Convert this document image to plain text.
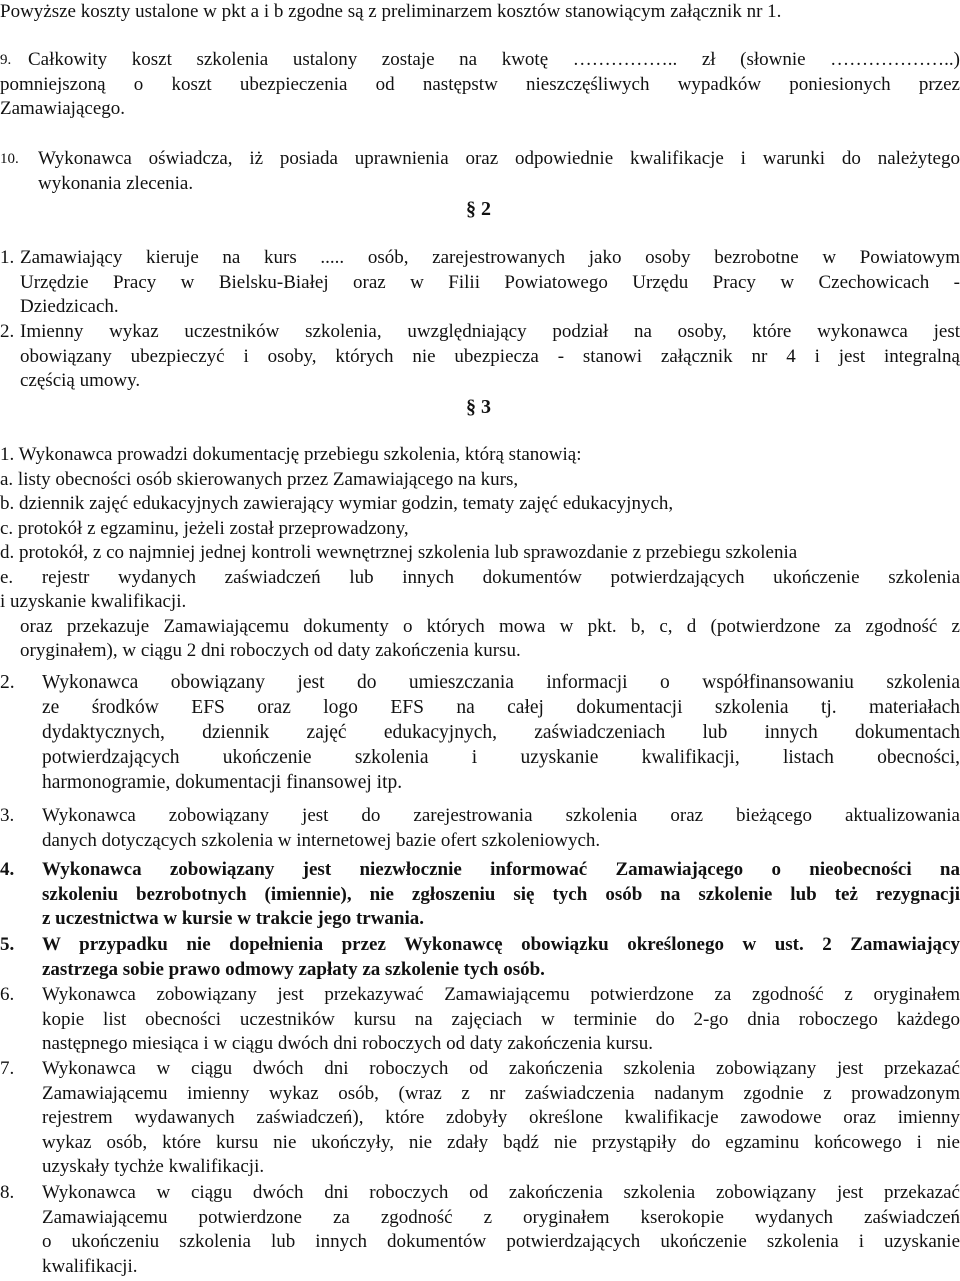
Powyższe koszty ustalone w pkt a i b zgodne są z preliminarzem kosztów stanowiącym załącznik nr 1.
9. Całkowity koszt szkolenia ustalony zostaje na kwotę …………….. zł (słownie ………………..)
pomniejszoną o koszt ubezpieczenia od następstw nieszczęśliwych wypadków poniesionych przez
Zamawiającego.
10. Wykonawca oświadcza, iż posiada uprawnienia oraz odpowiednie kwalifikacje i warunki do należytego
wykonania zlecenia.
§ 2
1. Zamawiający kieruje na kurs ..... osób, zarejestrowanych jako osoby bezrobotne w Powiatowym
Urzędzie Pracy w Bielsku-Białej oraz w Filii Powiatowego Urzędu Pracy w Czechowicach -
Dziedzicach.
2. Imienny wykaz uczestników szkolenia, uwzględniający podział na osoby, które wykonawca jest
obowiązany ubezpieczyć i osoby, których nie ubezpiecza - stanowi załącznik nr 4 i jest integralną
częścią umowy.
§ 3
1. Wykonawca prowadzi dokumentację przebiegu szkolenia, którą stanowią:
a. listy obecności osób skierowanych przez Zamawiającego na kurs,
b. dziennik zajęć edukacyjnych zawierający wymiar godzin, tematy zajęć edukacyjnych,
c. protokół z egzaminu, jeżeli został przeprowadzony,
d. protokół, z co najmniej jednej kontroli wewnętrznej szkolenia lub sprawozdanie z przebiegu szkolenia
e. rejestr wydanych zaświadczeń lub innych dokumentów potwierdzających ukończenie szkolenia
i uzyskanie kwalifikacji.
oraz przekazuje Zamawiającemu dokumenty o których mowa w pkt. b, c, d (potwierdzone za zgodność z
oryginałem), w ciągu 2 dni roboczych od daty zakończenia kursu.
2. Wykonawca obowiązany jest do umieszczania informacji o współfinansowaniu szkolenia
ze środków EFS oraz logo EFS na całej dokumentacji szkolenia tj. materiałach
dydaktycznych, dziennik zajęć edukacyjnych, zaświadczeniach lub innych dokumentach
potwierdzających ukończenie szkolenia i uzyskanie kwalifikacji, listach obecności,
harmonogramie, dokumentacji finansowej itp.
3. Wykonawca zobowiązany jest do zarejestrowania szkolenia oraz bieżącego aktualizowania
danych dotyczących szkolenia w internetowej bazie ofert szkoleniowych.
4. Wykonawca zobowiązany jest niezwłocznie informować Zamawiającego o nieobecności na
szkoleniu bezrobotnych (imiennie), nie zgłoszeniu się tych osób na szkolenie lub też rezygnacji
z uczestnictwa w kursie w trakcie jego trwania.
5. W przypadku nie dopełnienia przez Wykonawcę obowiązku określonego w ust. 2 Zamawiający
zastrzega sobie prawo odmowy zapłaty za szkolenie tych osób.
6. Wykonawca zobowiązany jest przekazywać Zamawiającemu potwierdzone za zgodność z oryginałem
kopie list obecności uczestników kursu na zajęciach w terminie do 2-go dnia roboczego każdego
następnego miesiąca i w ciągu dwóch dni roboczych od daty zakończenia kursu.
7. Wykonawca w ciągu dwóch dni roboczych od zakończenia szkolenia zobowiązany jest przekazać
Zamawiającemu imienny wykaz osób, (wraz z nr zaświadczenia nadanym zgodnie z prowadzonym
rejestrem wydawanych zaświadczeń), które zdobyły określone kwalifikacje zawodowe oraz imienny
wykaz osób, które kursu nie ukończyły, nie zdały bądź nie przystąpiły do egzaminu końcowego i nie
uzyskały tychże kwalifikacji.
8. Wykonawca w ciągu dwóch dni roboczych od zakończenia szkolenia zobowiązany jest przekazać
Zamawiającemu potwierdzone za zgodność z oryginałem kserokopie wydanych zaświadczeń
o ukończeniu szkolenia lub innych dokumentów potwierdzających ukończenie szkolenia i uzyskanie
kwalifikacji.
